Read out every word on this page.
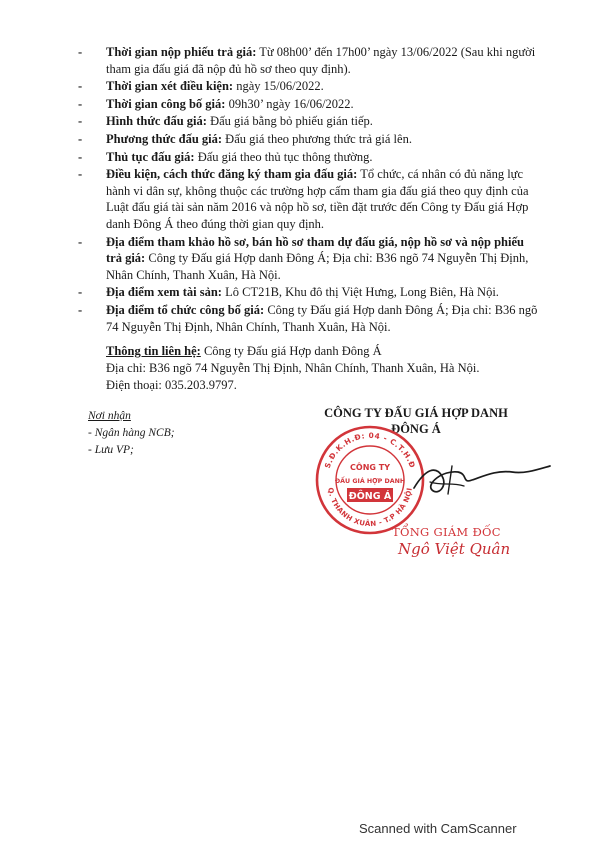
- Thời gian nộp phiếu trả giá: Từ 08h00’ đến 17h00’ ngày 13/06/2022 (Sau khi người tham gia đấu giá đã nộp đủ hồ sơ theo quy định).
- Thời gian xét điều kiện: ngày 15/06/2022.
- Thời gian công bố giá: 09h30’ ngày 16/06/2022.
- Hình thức đấu giá: Đấu giá bằng bỏ phiếu gián tiếp.
- Phương thức đấu giá: Đấu giá theo phương thức trả giá lên.
- Thủ tục đấu giá: Đấu giá theo thủ tục thông thường.
- Điều kiện, cách thức đăng ký tham gia đấu giá: Tổ chức, cá nhân có đủ năng lực hành vi dân sự, không thuộc các trường hợp cấm tham gia đấu giá theo quy định của Luật đấu giá tài sản năm 2016 và nộp hồ sơ, tiền đặt trước đến Công ty Đấu giá Hợp danh Đông Á theo đúng thời gian quy định.
- Địa điểm tham khảo hồ sơ, bán hồ sơ tham dự đấu giá, nộp hồ sơ và nộp phiếu trả giá: Công ty Đấu giá Hợp danh Đông Á; Địa chỉ: B36 ngõ 74 Nguyễn Thị Định, Nhân Chính, Thanh Xuân, Hà Nội.
- Địa điểm xem tài sản: Lô CT21B, Khu đô thị Việt Hưng, Long Biên, Hà Nội.
- Địa điểm tổ chức công bố giá: Công ty Đấu giá Hợp danh Đông Á; Địa chỉ: B36 ngõ 74 Nguyễn Thị Định, Nhân Chính, Thanh Xuân, Hà Nội.
Thông tin liên hệ: Công ty Đấu giá Hợp danh Đông Á
Địa chỉ: B36 ngõ 74 Nguyễn Thị Định, Nhân Chính, Thanh Xuân, Hà Nội.
Điện thoại: 035.203.9797.
Nơi nhận
- Ngân hàng NCB;
- Lưu VP;
CÔNG TY ĐẤU GIÁ HỢP DANH
ĐÔNG Á
S.Đ.K.H.Đ: 04 - C.T.H.Đ
Q. THANH XUÂN - T.P HÀ NỘI
CÔNG TY
ĐẤU GIÁ HỢP DANH
ĐÔNG Á
TỔNG GIÁM ĐỐC
Ngô Việt Quân
Scanned with CamScanner
